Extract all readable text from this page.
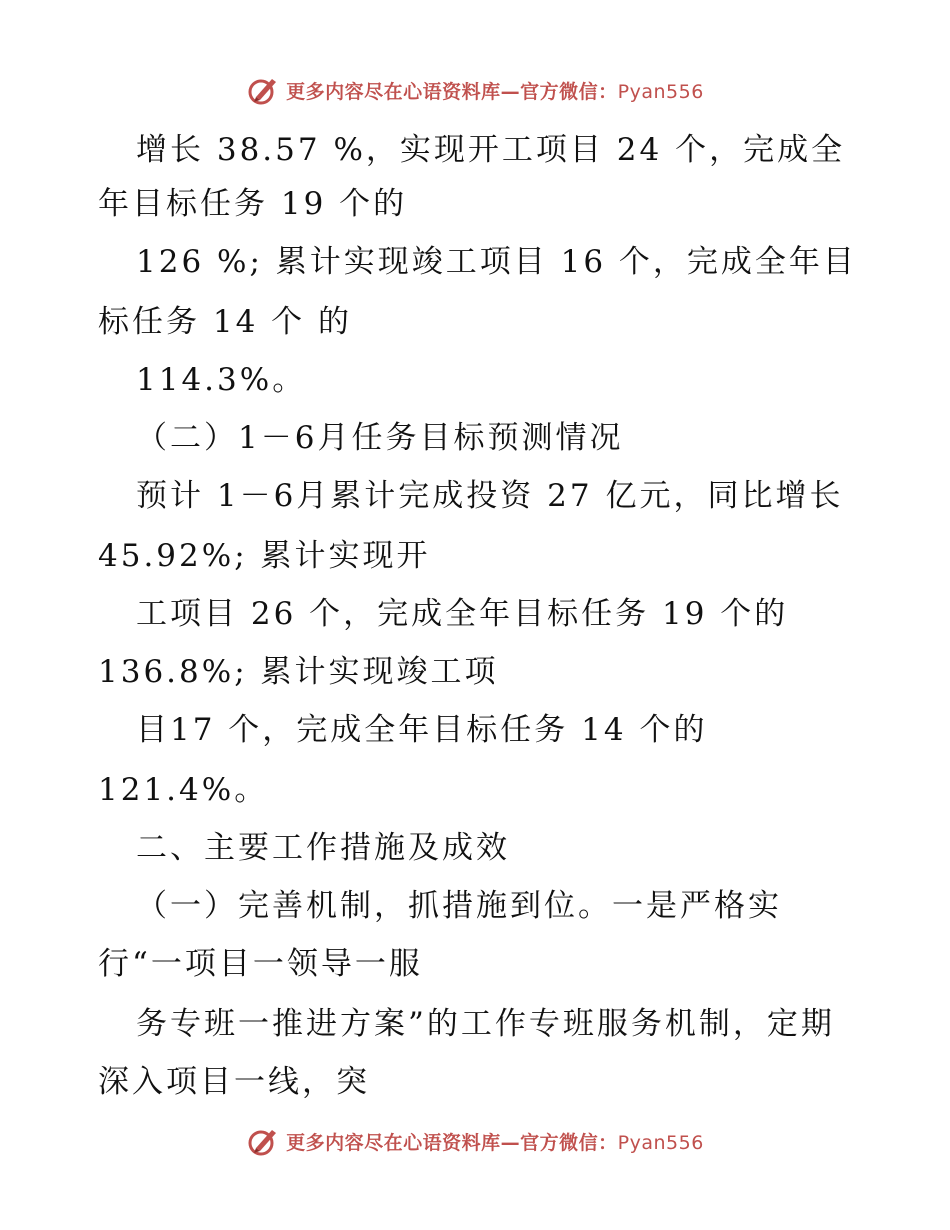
更多内容尽在心语资料库—官方微信：Pyan556
增长 38.57 %，实现开工项目 24 个，完成全
年目标任务 19 个的
126 %; 累计实现竣工项目 16 个，完成全年目
标任务 14 个 的
114.3%。
（二）1－6月任务目标预测情况
预计 1－6月累计完成投资 27 亿元，同比增长
45.92%; 累计实现开
工项目 26 个，完成全年目标任务 19 个的
136.8%; 累计实现竣工项
目17 个，完成全年目标任务 14 个的
121.4%。
二、主要工作措施及成效
（一）完善机制，抓措施到位。一是严格实
行“一项目一领导一服
务专班一推进方案”的工作专班服务机制，定期
深入项目一线，突
更多内容尽在心语资料库—官方微信：Pyan556
